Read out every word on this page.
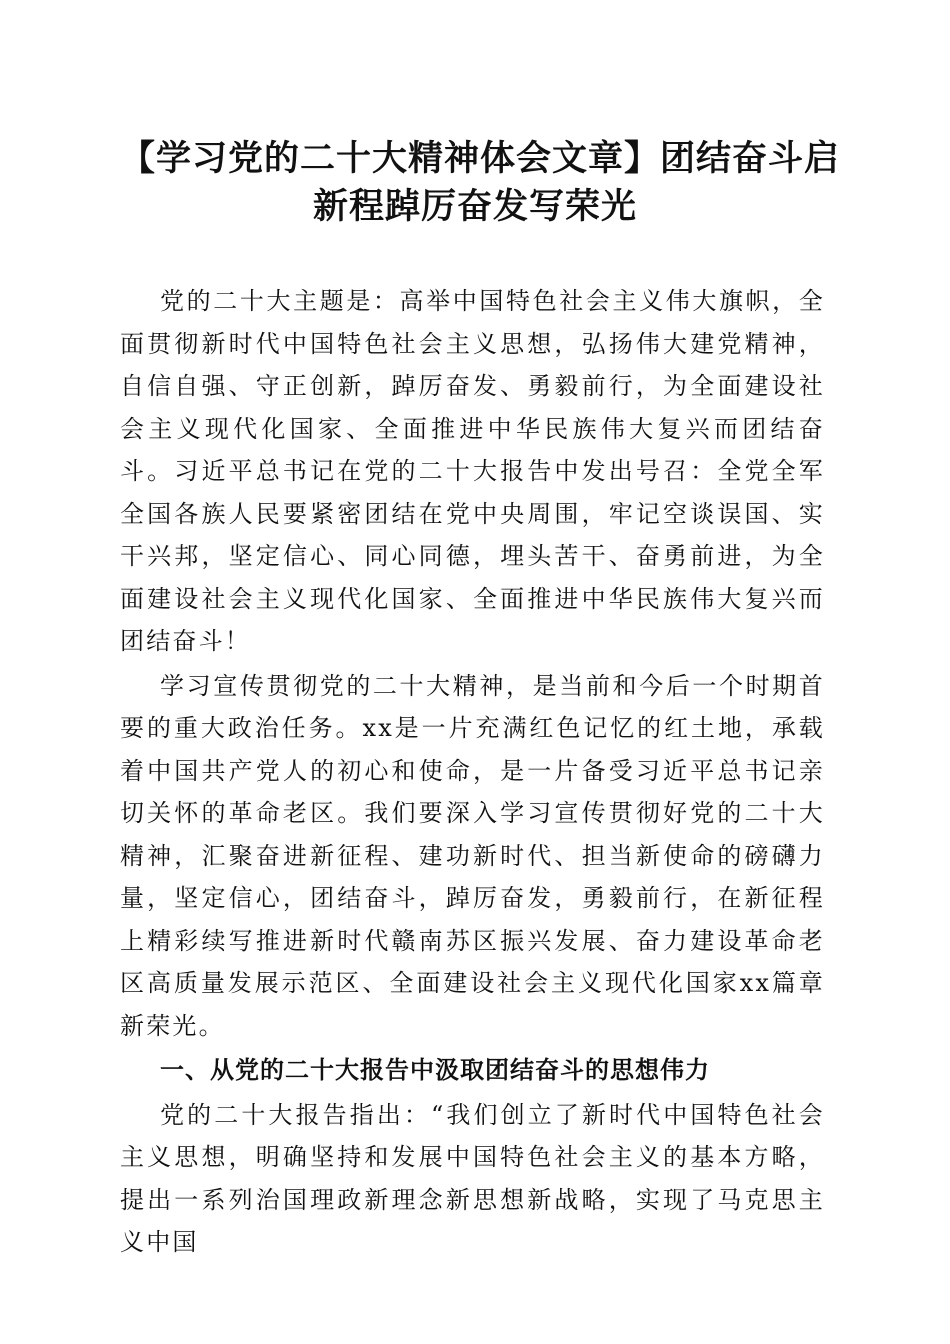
【学习党的二十大精神体会文章】团结奋斗启
新程踔厉奋发写荣光

党的二十大主题是：高举中国特色社会主义伟大旗帜，全面贯彻新时代中国特色社会主义思想，弘扬伟大建党精神，自信自强、守正创新，踔厉奋发、勇毅前行，为全面建设社会主义现代化国家、全面推进中华民族伟大复兴而团结奋斗。习近平总书记在党的二十大报告中发出号召：全党全军全国各族人民要紧密团结在党中央周围，牢记空谈误国、实干兴邦，坚定信心、同心同德，埋头苦干、奋勇前进，为全面建设社会主义现代化国家、全面推进中华民族伟大复兴而团结奋斗！

学习宣传贯彻党的二十大精神，是当前和今后一个时期首要的重大政治任务。xx是一片充满红色记忆的红土地，承载着中国共产党人的初心和使命，是一片备受习近平总书记亲切关怀的革命老区。我们要深入学习宣传贯彻好党的二十大精神，汇聚奋进新征程、建功新时代、担当新使命的磅礴力量，坚定信心，团结奋斗，踔厉奋发，勇毅前行，在新征程上精彩续写推进新时代赣南苏区振兴发展、奋力建设革命老区高质量发展示范区、全面建设社会主义现代化国家xx篇章新荣光。

一、从党的二十大报告中汲取团结奋斗的思想伟力

党的二十大报告指出：“我们创立了新时代中国特色社会主义思想，明确坚持和发展中国特色社会主义的基本方略，提出一系列治国理政新理念新思想新战略，实现了马克思主义中国
